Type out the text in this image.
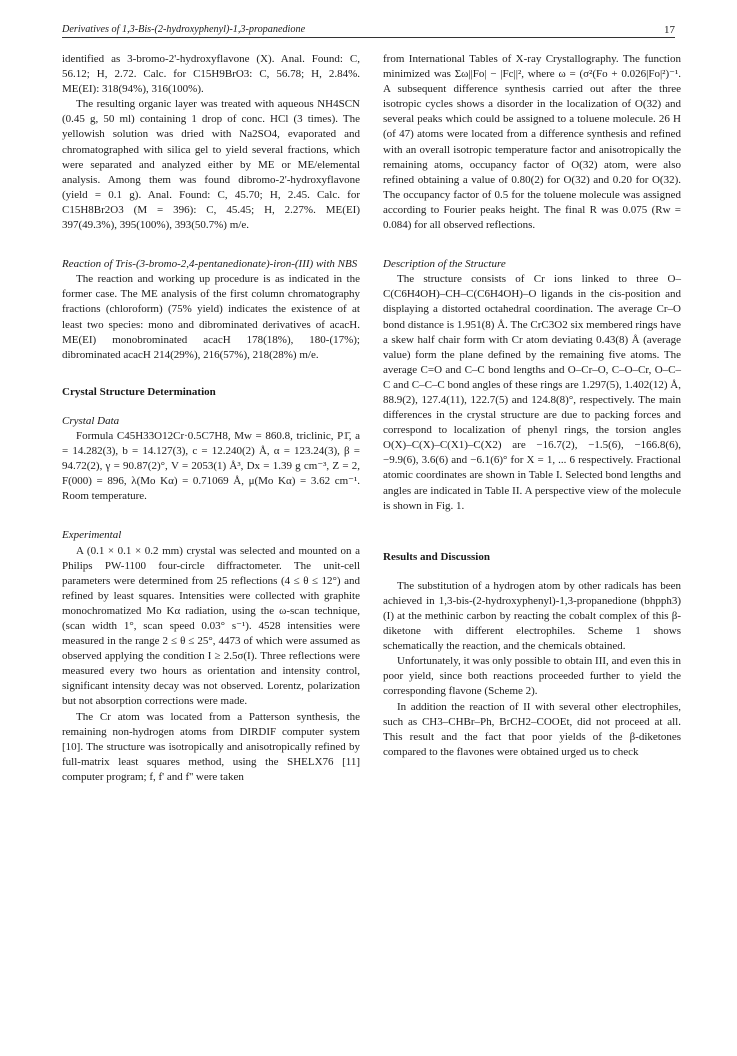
Derivatives of 1,3-Bis-(2-hydroxyphenyl)-1,3-propanedione	17

identified as 3-bromo-2'-hydroxyflavone (X). Anal. Found: C, 56.12; H, 2.72. Calc. for C15H9BrO3: C, 56.78; H, 2.84%. ME(EI): 318(94%), 316(100%).

The resulting organic layer was treated with aqueous NH4SCN (0.45 g, 50 ml) containing 1 drop of conc. HCl (3 times). The yellowish solution was dried with Na2SO4, evaporated and chromatographed with silica gel to yield several fractions, which were separated and analyzed either by ME or ME/elemental analysis. Among them was found dibromo-2'-hydroxyflavone (yield = 0.1 g). Anal. Found: C, 45.70; H, 2.45. Calc. for C15H8Br2O3 (M = 396): C, 45.45; H, 2.27%. ME(EI) 397(49.3%), 395(100%), 393(50.7%) m/e.

Reaction of Tris-(3-bromo-2,4-pentanedionate)-iron-(III) with NBS

The reaction and working up procedure is as indicated in the former case. The ME analysis of the first column chromatography fractions (chloroform) (75% yield) indicates the existence of at least two species: mono and dibrominated derivatives of acacH. ME(EI) monobrominated acacH 178(18%), 180-(17%); dibrominated acacH 214(29%), 216(57%), 218(28%) m/e.

Crystal Structure Determination

Crystal Data

Formula C45H33O12Cr·0.5C7H8, Mw = 860.8, triclinic, P1̄, a = 14.282(3), b = 14.127(3), c = 12.240(2) Å, α = 123.24(3), β = 94.72(2), γ = 90.87(2)°, V = 2053(1) Å³, Dx = 1.39 g cm⁻³, Z = 2, F(000) = 896, λ(Mo Kα) = 0.71069 Å, μ(Mo Kα) = 3.62 cm⁻¹. Room temperature.

Experimental

A (0.1 × 0.1 × 0.2 mm) crystal was selected and mounted on a Philips PW-1100 four-circle diffractometer. The unit-cell parameters were determined from 25 reflections (4 ≤ θ ≤ 12°) and refined by least squares. Intensities were collected with graphite monochromatized Mo Kα radiation, using the ω-scan technique, (scan width 1°, scan speed 0.03° s⁻¹). 4528 intensities were measured in the range 2 ≤ θ ≤ 25°, 4473 of which were assumed as observed applying the condition I ≥ 2.5σ(I). Three reflections were measured every two hours as orientation and intensity control, significant intensity decay was not observed. Lorentz, polarization but not absorption corrections were made.

The Cr atom was located from a Patterson synthesis, the remaining non-hydrogen atoms from DIRDIF computer system [10]. The structure was isotropically and anisotropically refined by full-matrix least squares method, using the SHELX76 [11] computer program; f, f' and f'' were taken

from International Tables of X-ray Crystallography. The function minimized was Σω||Fo| − |Fc||², where ω = (σ²(Fo + 0.026|Fo|²)⁻¹. A subsequent difference synthesis carried out after the three isotropic cycles shows a disorder in the localization of O(32) and several peaks which could be assigned to a toluene molecule. 26 H (of 47) atoms were located from a difference synthesis and refined with an overall isotropic temperature factor and anisotropically the remaining atoms, occupancy factor of O(32) atom, were also refined obtaining a value of 0.80(2) for O(32) and 0.20 for O(32). The occupancy factor of 0.5 for the toluene molecule was assigned according to Fourier peaks height. The final R was 0.075 (Rw = 0.084) for all observed reflections.

Description of the Structure

The structure consists of Cr ions linked to three O–C(C6H4OH)–CH–C(C6H4OH)–O ligands in the cis-position and displaying a distorted octahedral coordination. The average Cr–O bond distance is 1.951(8) Å. The CrC3O2 six membered rings have a skew half chair form with Cr atom deviating 0.43(8) Å (average value) form the plane defined by the remaining five atoms. The average C=O and C–C bond lengths and O–Cr–O, C–O–Cr, O–C–C and C–C–C bond angles of these rings are 1.297(5), 1.402(12) Å, 88.9(2), 127.4(11), 122.7(5) and 124.8(8)°, respectively. The main differences in the crystal structure are due to packing forces and correspond to localization of phenyl rings, the torsion angles O(X)–C(X)–C(X1)–C(X2) are −16.7(2), −1.5(6), −166.8(6), −9.9(6), 3.6(6) and −6.1(6)° for X = 1, ... 6 respectively. Fractional atomic coordinates are shown in Table I. Selected bond lengths and angles are indicated in Table II. A perspective view of the molecule is shown in Fig. 1.

Results and Discussion

The substitution of a hydrogen atom by other radicals has been achieved in 1,3-bis-(2-hydroxyphenyl)-1,3-propanedione (bhpph3) (I) at the methinic carbon by reacting the cobalt complex of this β-diketone with different electrophiles. Scheme 1 shows schematically the reaction, and the chemicals obtained.

Unfortunately, it was only possible to obtain III, and even this in poor yield, since both reactions proceeded further to yield the corresponding flavone (Scheme 2).

In addition the reaction of II with several other electrophiles, such as CH3–CHBr–Ph, BrCH2–COOEt, did not proceed at all. This result and the fact that poor yields of the β-diketones compared to the flavones were obtained urged us to check
